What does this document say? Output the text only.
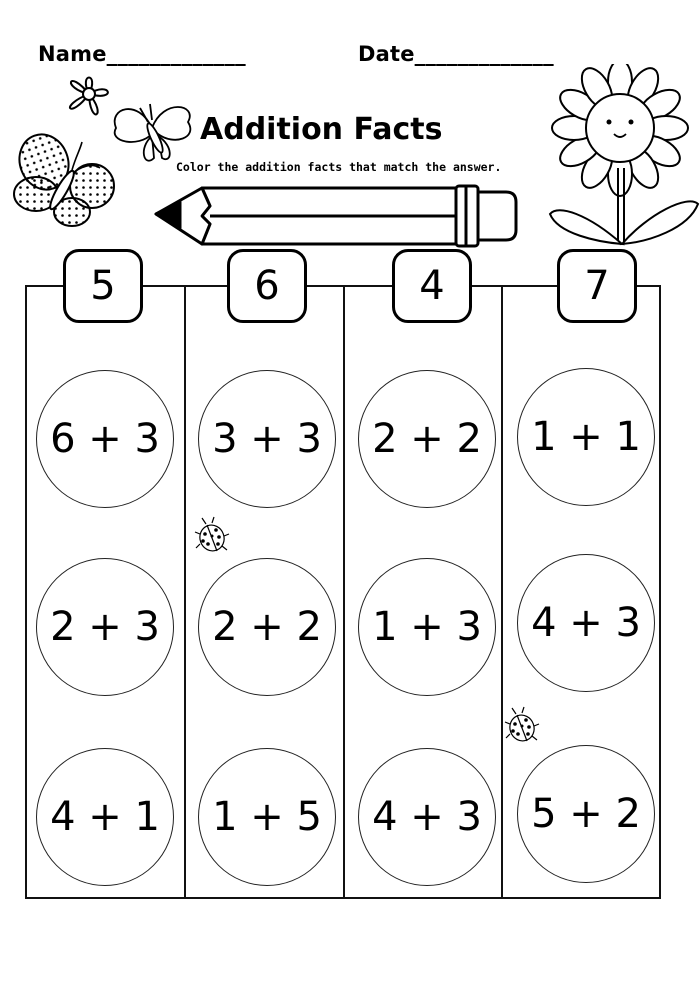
Name_____________	Date_____________
Addition Facts
Color the addition facts that match the answer.
5	6	4	7
6 + 3
2 + 3
4 + 1
3 + 3
2 + 2
1 + 5
2 + 2
1 + 3
4 + 3
1 + 1
4 + 3
5 + 2
